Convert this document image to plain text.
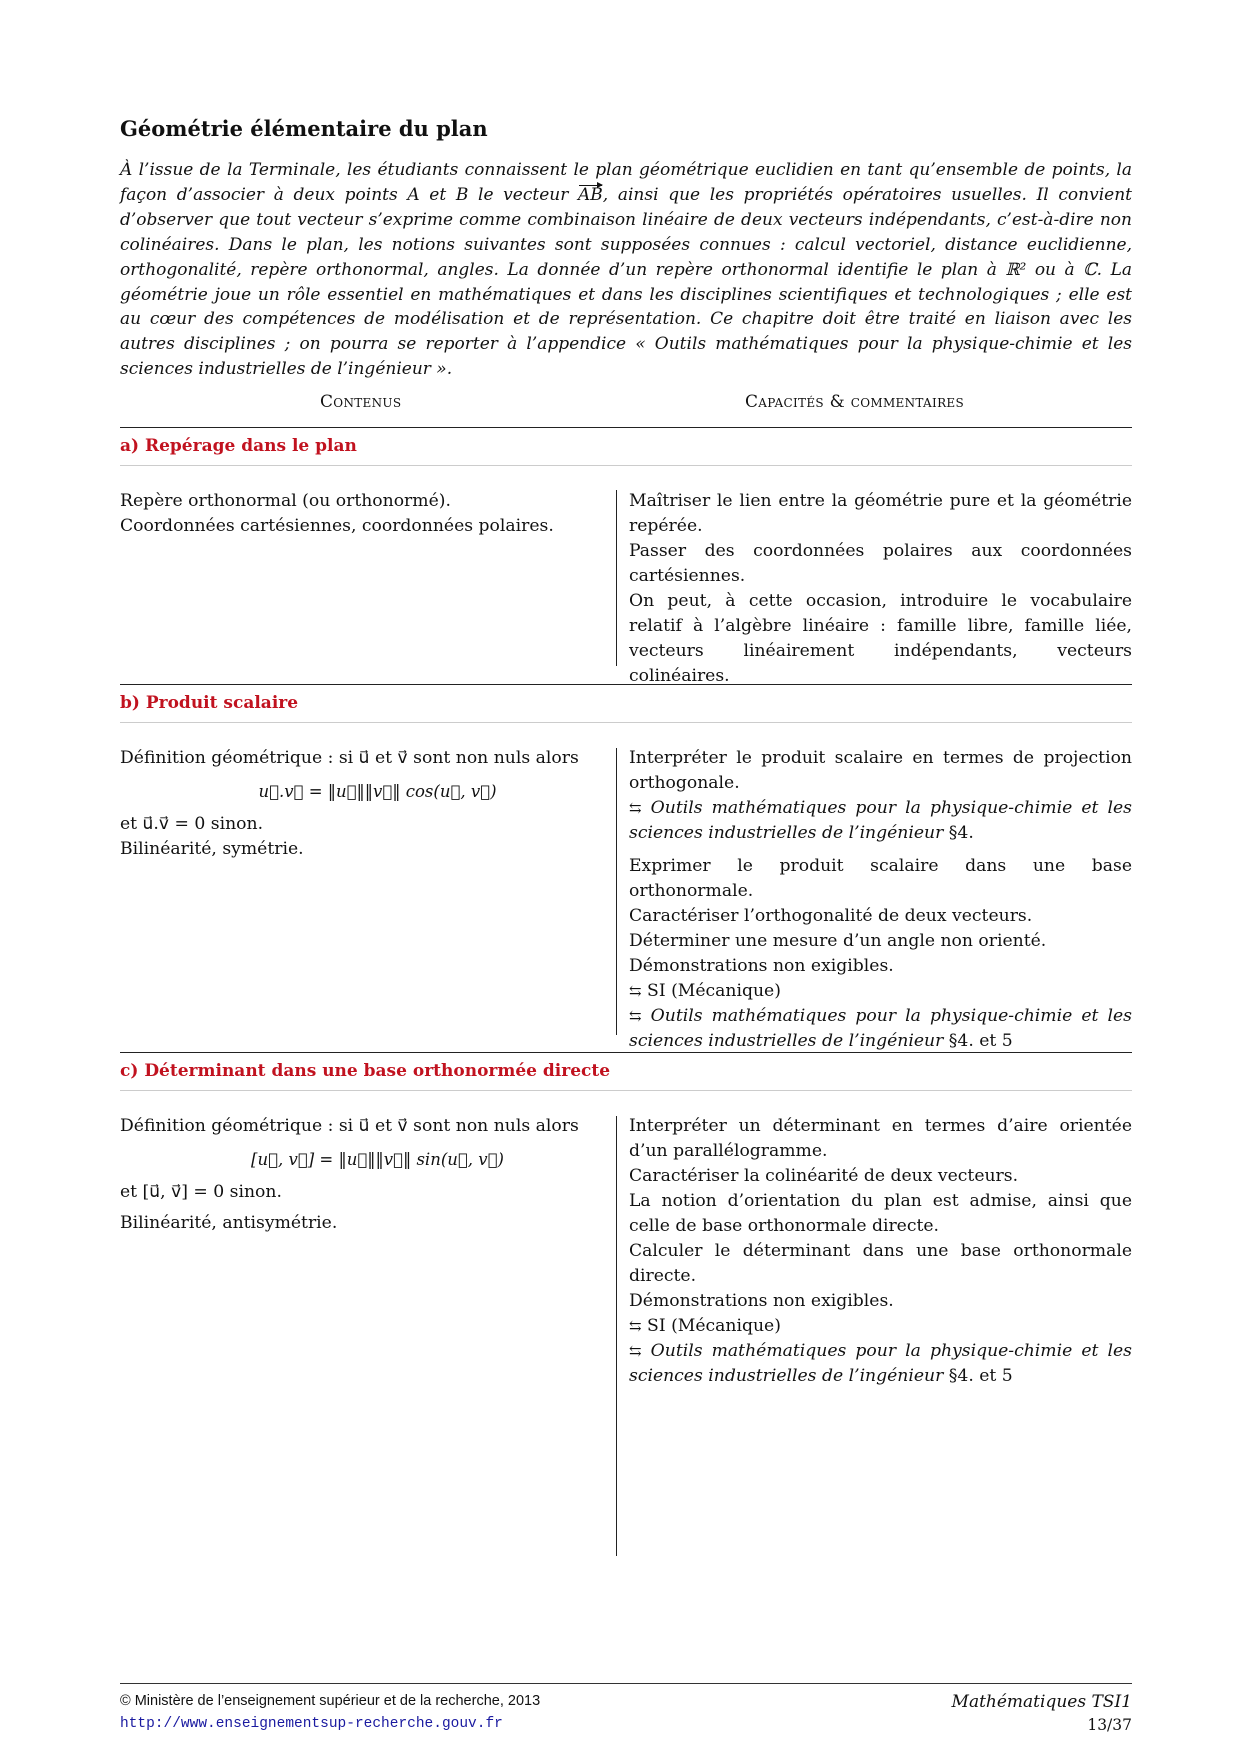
Géométrie élémentaire du plan

À l’issue de la Terminale, les étudiants connaissent le plan géométrique euclidien en tant qu’ensemble de points, la façon d’associer à deux points A et B le vecteur AB, ainsi que les propriétés opératoires usuelles. Il convient d’observer que tout vecteur s’exprime comme combinaison linéaire de deux vecteurs indépendants, c’est-à-dire non colinéaires. Dans le plan, les notions suivantes sont supposées connues : calcul vectoriel, distance euclidienne, orthogonalité, repère orthonormal, angles. La donnée d’un repère orthonormal identifie le plan à ℝ² ou à ℂ. La géométrie joue un rôle essentiel en mathématiques et dans les disciplines scientifiques et technologiques ; elle est au cœur des compétences de modélisation et de représentation. Ce chapitre doit être traité en liaison avec les autres disciplines ; on pourra se reporter à l’appendice « Outils mathématiques pour la physique-chimie et les sciences industrielles de l’ingénieur ».

Contenus	Capacités & commentaires
a) Repérage dans le plan
Repère orthonormal (ou orthonormé).
Coordonnées cartésiennes, coordonnées polaires.
Maîtriser le lien entre la géométrie pure et la géométrie repérée.
Passer des coordonnées polaires aux coordonnées cartésiennes.
On peut, à cette occasion, introduire le vocabulaire relatif à l’algèbre linéaire : famille libre, famille liée, vecteurs linéairement indépendants, vecteurs colinéaires.
b) Produit scalaire
Définition géométrique : si u⃗ et v⃗ sont non nuls alors
u⃗.v⃗ = ‖u⃗‖‖v⃗‖ cos(u⃗, v⃗)
et u⃗.v⃗ = 0 sinon.
Bilinéarité, symétrie.
Interpréter le produit scalaire en termes de projection orthogonale.
⇆ Outils mathématiques pour la physique-chimie et les sciences industrielles de l’ingénieur §4.
Exprimer le produit scalaire dans une base orthonormale.
Caractériser l’orthogonalité de deux vecteurs.
Déterminer une mesure d’un angle non orienté.
Démonstrations non exigibles.
⇆ SI (Mécanique)
⇆ Outils mathématiques pour la physique-chimie et les sciences industrielles de l’ingénieur §4. et 5
c) Déterminant dans une base orthonormée directe
Définition géométrique : si u⃗ et v⃗ sont non nuls alors
[u⃗, v⃗] = ‖u⃗‖‖v⃗‖ sin(u⃗, v⃗)
et [u⃗, v⃗] = 0 sinon.
Bilinéarité, antisymétrie.
Interpréter un déterminant en termes d’aire orientée d’un parallélogramme.
Caractériser la colinéarité de deux vecteurs.
La notion d’orientation du plan est admise, ainsi que celle de base orthonormale directe.
Calculer le déterminant dans une base orthonormale directe.
Démonstrations non exigibles.
⇆ SI (Mécanique)
⇆ Outils mathématiques pour la physique-chimie et les sciences industrielles de l’ingénieur §4. et 5
© Ministère de l’enseignement supérieur et de la recherche, 2013
http://www.enseignementsup-recherche.gouv.fr
Mathématiques TSI1
13/37
